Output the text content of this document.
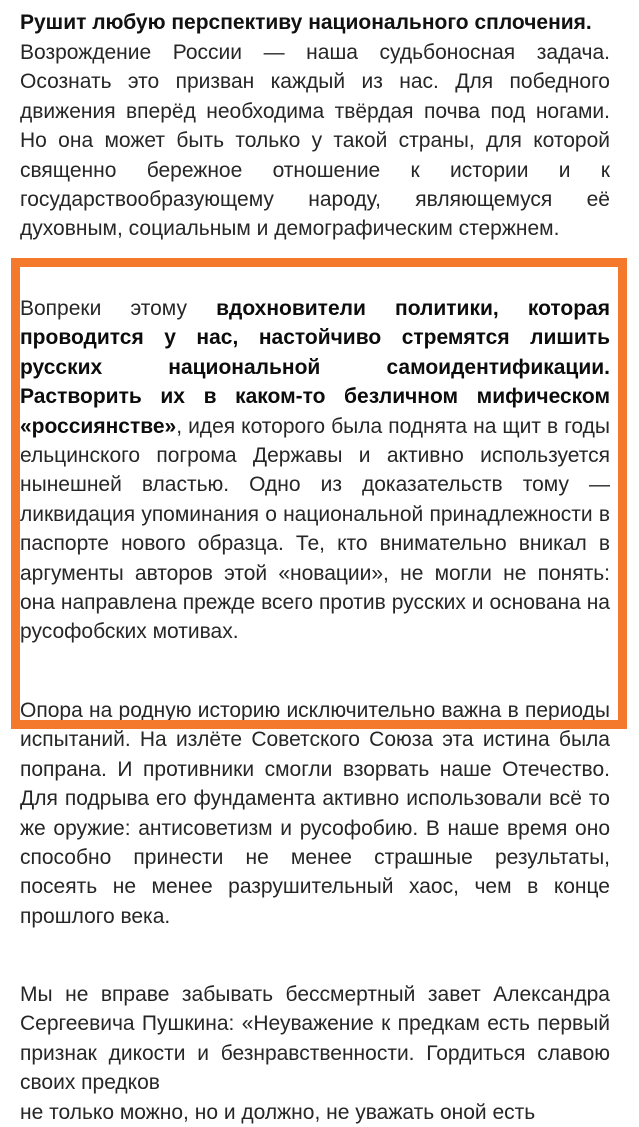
Рушит любую перспективу национального сплочения.

Возрождение России — наша судьбоносная задача. Осознать это призван каждый из нас. Для победного движения вперёд необходима твёрдая почва под ногами. Но она может быть только у такой страны, для которой священно бережное отношение к истории и к государствообразующему народу, являющемуся её духовным, социальным и демографическим стержнем.

Вопреки этому вдохновители политики, которая проводится у нас, настойчиво стремятся лишить русских национальной самоидентификации. Растворить их в каком-то безличном мифическом «россиянстве», идея которого была поднята на щит в годы ельцинского погрома Державы и активно используется нынешней властью. Одно из доказательств тому — ликвидация упоминания о национальной принадлежности в паспорте нового образца. Те, кто внимательно вникал в аргументы авторов этой «новации», не могли не понять: она направлена прежде всего против русских и основана на русофобских мотивах.

Опора на родную историю исключительно важна в периоды испытаний. На излёте Советского Союза эта истина была попрана. И противники смогли взорвать наше Отечество. Для подрыва его фундамента активно использовали всё то же оружие: антисоветизм и русофобию. В наше время оно способно принести не менее страшные результаты, посеять не менее разрушительный хаос, чем в конце прошлого века.

Мы не вправе забывать бессмертный завет Александра Сергеевича Пушкина: «Неуважение к предкам есть первый признак дикости и безнравственности. Гордиться славою своих предков

не только можно, но и должно, не уважать оной есть
